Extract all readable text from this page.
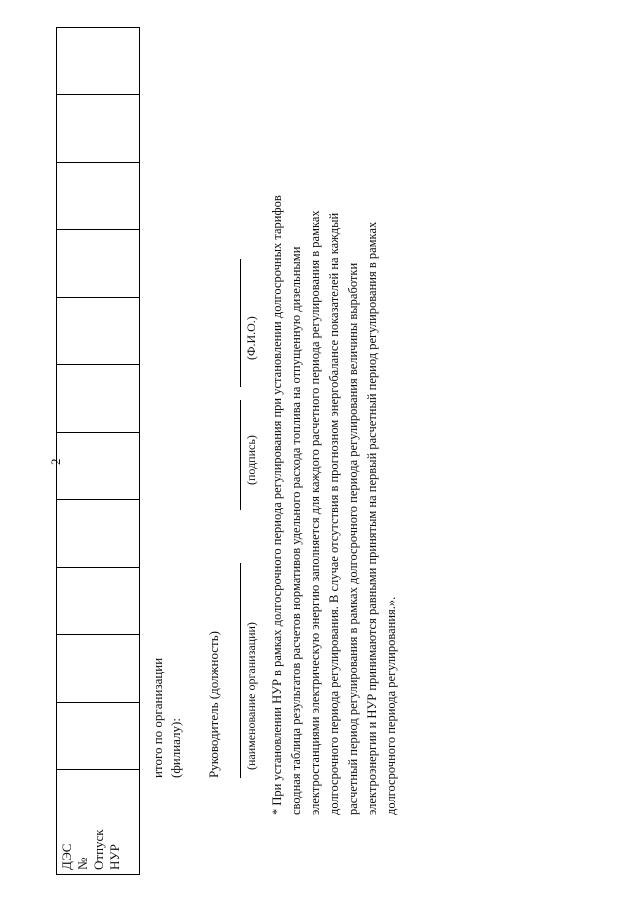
2
ДЭС № Отпуск НУР

итого по организации (филиалу): Руководитель (должность) (наименование организации)
(подпись)
(Ф.И.О.) * При установлении НУР в рамках долгосрочного периода регулирования при установлении долгосрочных тарифов сводная таблица результатов расчетов нормативов удельного расхода топлива на отпущенную дизельными электростанциями электрическую энергию заполняется для каждого расчетного периода регулирования в рамках долгосрочного периода регулирования. В случае отсутствия в прогнозном энергобалансе показателей на каждый расчетный период регулирования в рамках долгосрочного периода регулирования величины выработки электроэнергии и НУР принимаются равными принятым на первый расчетный период регулирования в рамках долгосрочного периода регулирования.».
